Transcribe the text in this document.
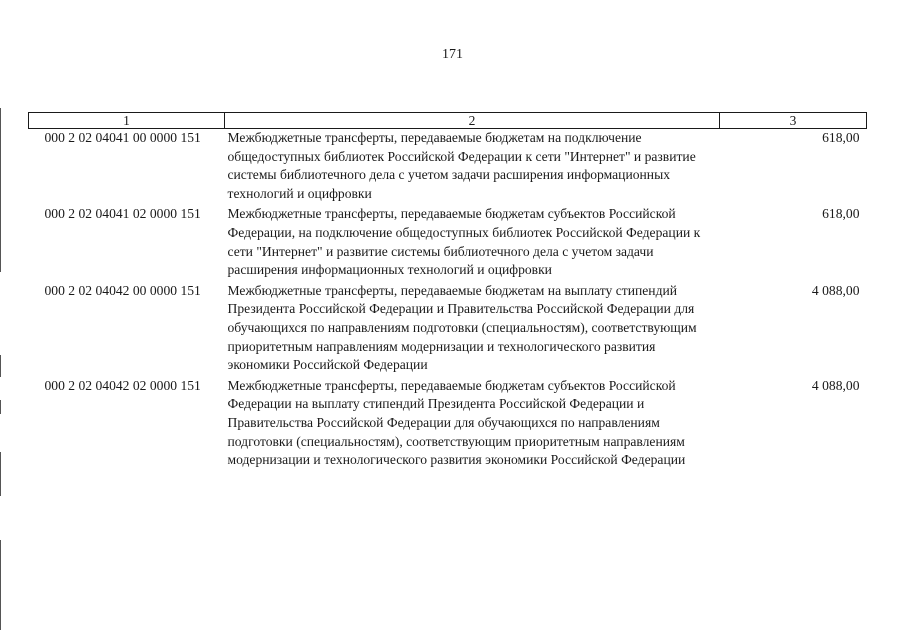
171
1	2	3
000 2 02 04041 00 0000 151	Межбюджетные трансферты, передаваемые бюджетам на подключение общедоступных библиотек Российской Федерации к сети "Интернет" и развитие системы библиотечного дела с учетом задачи расширения информационных технологий и оцифровки	618,00
000 2 02 04041 02 0000 151	Межбюджетные трансферты, передаваемые бюджетам субъектов Российской Федерации, на подключение общедоступных библиотек Российской Федерации к сети "Интернет" и развитие системы библиотечного дела с учетом задачи расширения информационных технологий и оцифровки	618,00
000 2 02 04042 00 0000 151	Межбюджетные трансферты, передаваемые бюджетам на выплату стипендий Президента Российской Федерации и Правительства Российской Федерации для обучающихся по направлениям подготовки (специальностям), соответствующим приоритетным направлениям модернизации и технологического развития экономики Российской Федерации	4 088,00
000 2 02 04042 02 0000 151	Межбюджетные трансферты, передаваемые бюджетам субъектов Российской Федерации на выплату стипендий Президента Российской Федерации и Правительства Российской Федерации для обучающихся по направлениям подготовки (специальностям), соответствующим приоритетным направлениям модернизации и технологического развития экономики Российской Федерации	4 088,00
